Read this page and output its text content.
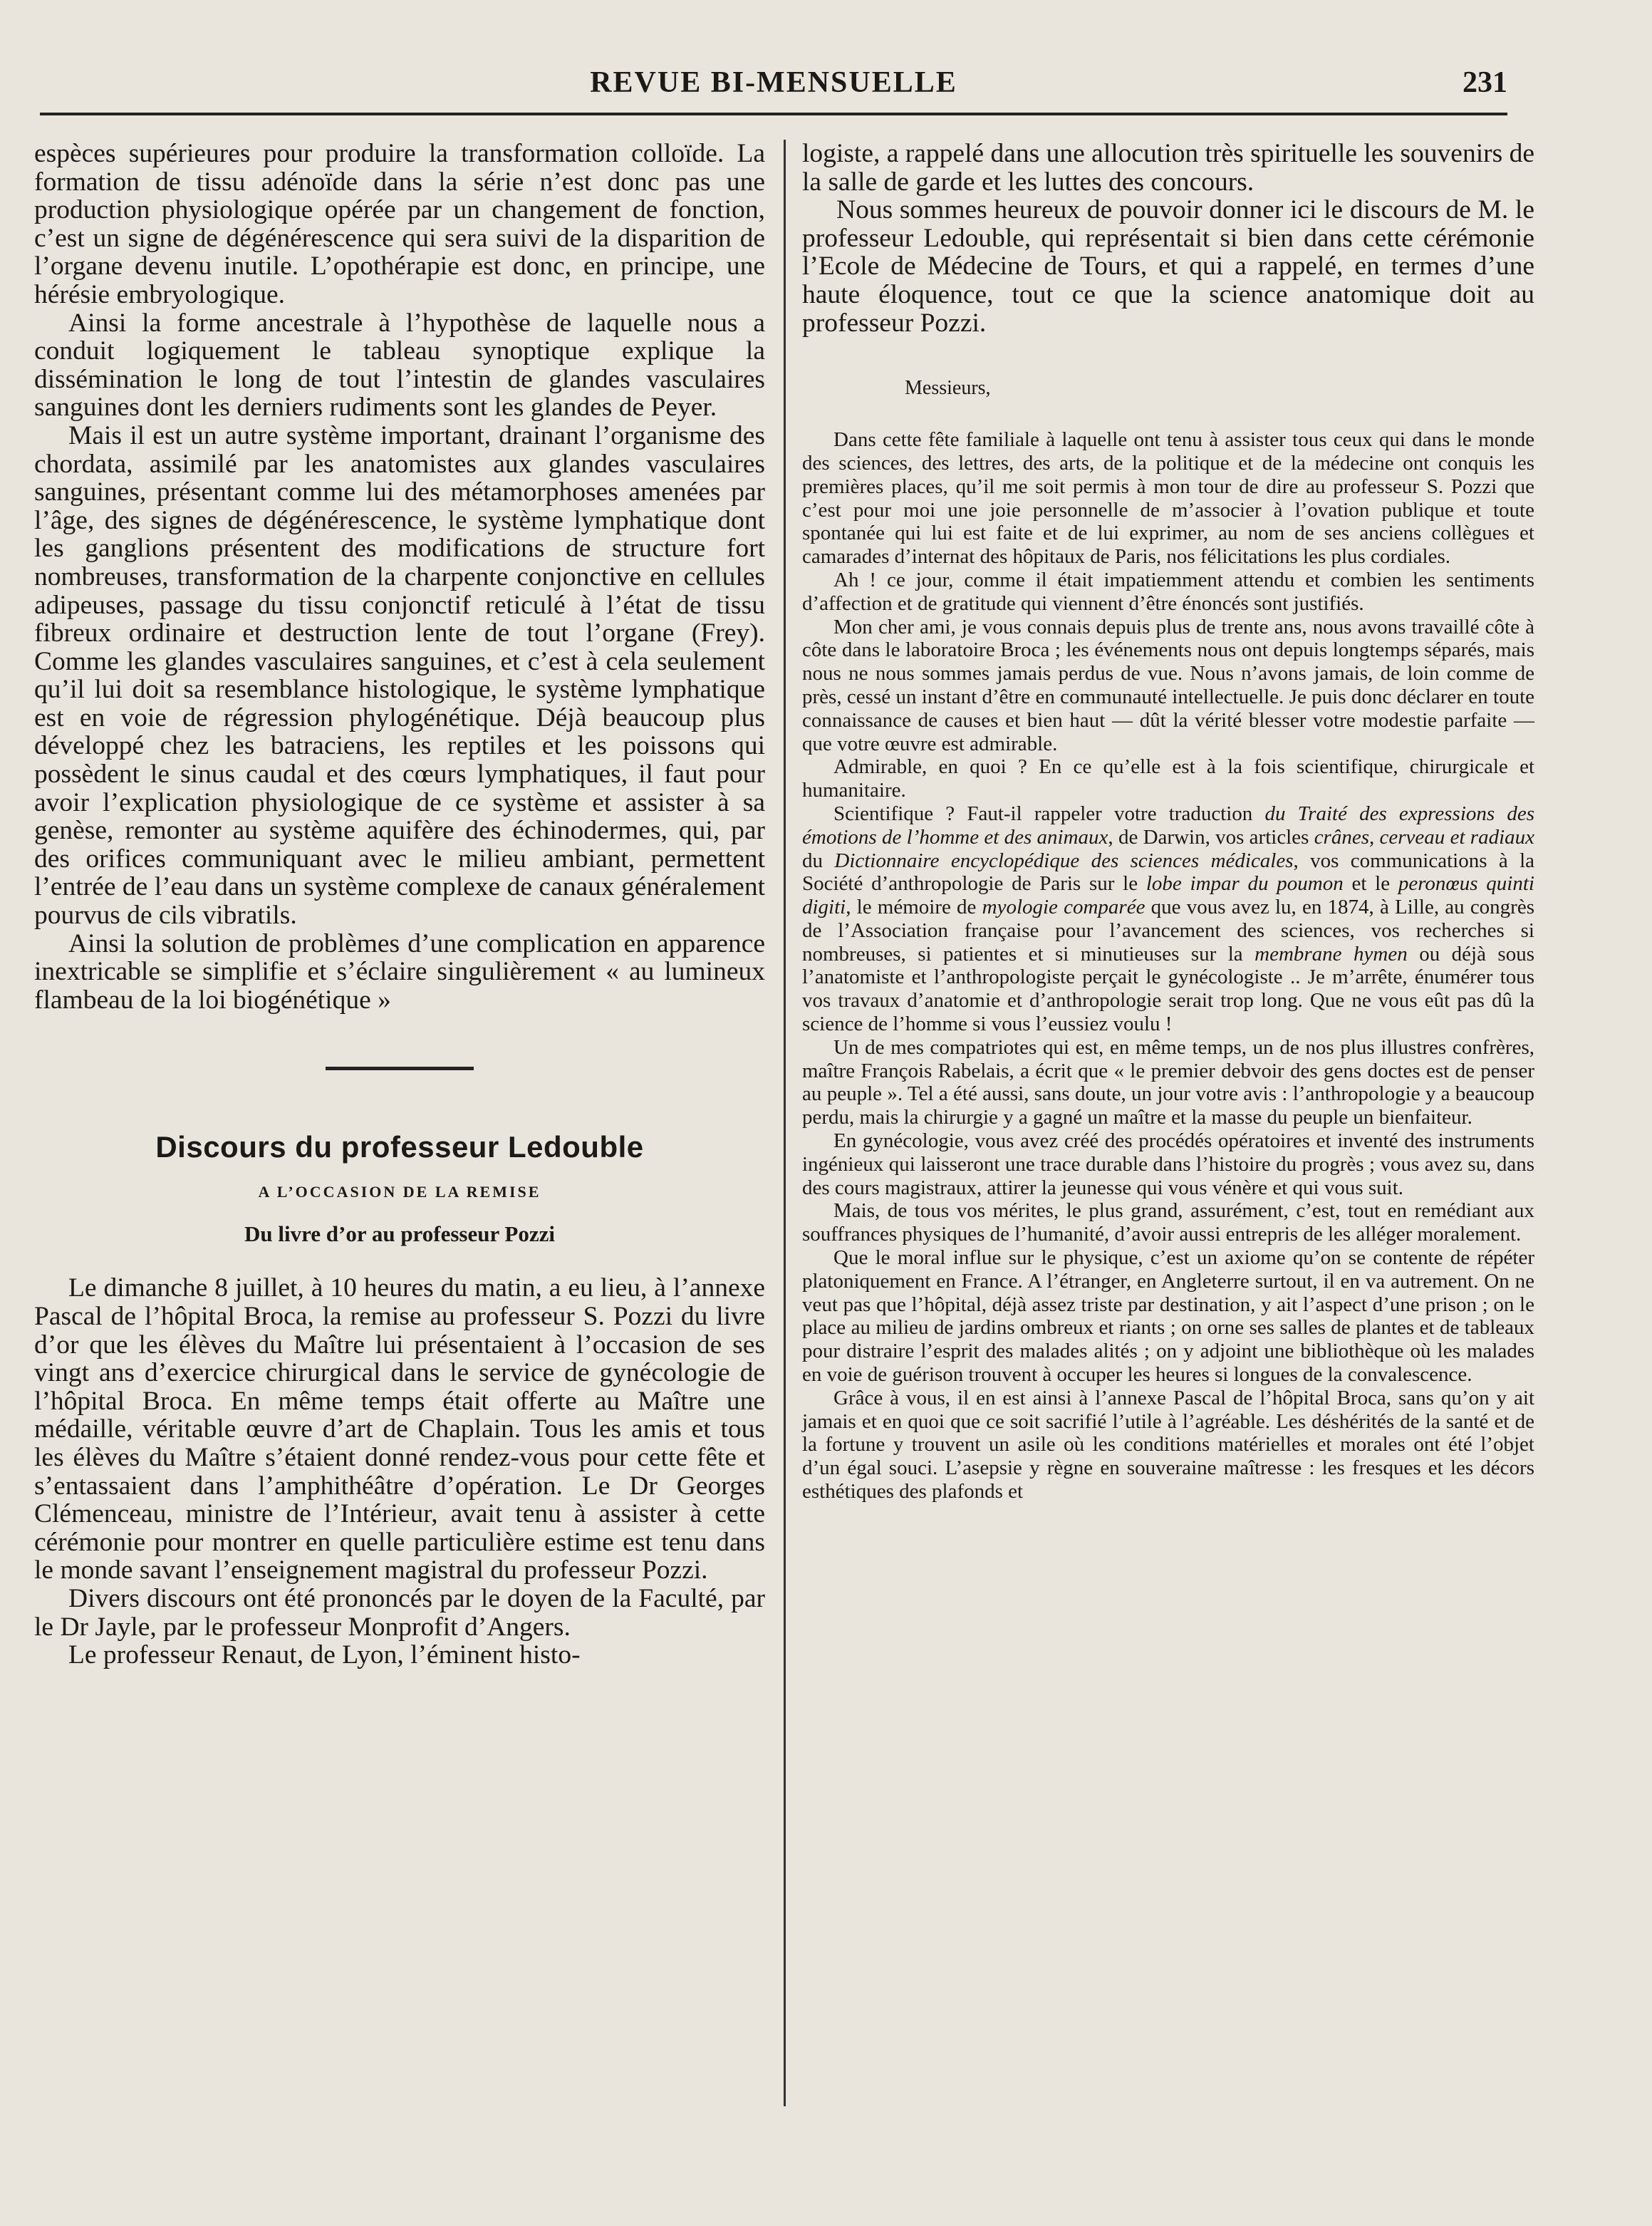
REVUE BI-MENSUELLE	231

espèces supérieures pour produire la transformation colloïde. La formation de tissu adénoïde dans la série n’est donc pas une production physiologique opérée par un changement de fonction, c’est un signe de dégénérescence qui sera suivi de la disparition de l’organe devenu inutile. L’opothérapie est donc, en principe, une hérésie embryologique.

Ainsi la forme ancestrale à l’hypothèse de laquelle nous a conduit logiquement le tableau synoptique explique la dissémination le long de tout l’intestin de glandes vasculaires sanguines dont les derniers rudiments sont les glandes de Peyer.

Mais il est un autre système important, drainant l’organisme des chordata, assimilé par les anatomistes aux glandes vasculaires sanguines, présentant comme lui des métamorphoses amenées par l’âge, des signes de dégénérescence, le système lymphatique dont les ganglions présentent des modifications de structure fort nombreuses, transformation de la charpente conjonctive en cellules adipeuses, passage du tissu conjonctif reticulé à l’état de tissu fibreux ordinaire et destruction lente de tout l’organe (Frey). Comme les glandes vasculaires sanguines, et c’est à cela seulement qu’il lui doit sa resemblance histologique, le système lymphatique est en voie de régression phylogénétique. Déjà beaucoup plus développé chez les batraciens, les reptiles et les poissons qui possèdent le sinus caudal et des cœurs lymphatiques, il faut pour avoir l’explication physiologique de ce système et assister à sa genèse, remonter au système aquifère des échinodermes, qui, par des orifices communiquant avec le milieu ambiant, permettent l’entrée de l’eau dans un système complexe de canaux généralement pourvus de cils vibratils.

Ainsi la solution de problèmes d’une complication en apparence inextricable se simplifie et s’éclaire singulièrement « au lumineux flambeau de la loi biogénétique »

Discours du professeur Ledouble
A L’OCCASION DE LA REMISE
Du livre d’or au professeur Pozzi

Le dimanche 8 juillet, à 10 heures du matin, a eu lieu, à l’annexe Pascal de l’hôpital Broca, la remise au professeur S. Pozzi du livre d’or que les élèves du Maître lui présentaient à l’occasion de ses vingt ans d’exercice chirurgical dans le service de gynécologie de l’hôpital Broca. En même temps était offerte au Maître une médaille, véritable œuvre d’art de Chaplain. Tous les amis et tous les élèves du Maître s’étaient donné rendez-vous pour cette fête et s’entassaient dans l’amphithéâtre d’opération. Le Dr Georges Clémenceau, ministre de l’Intérieur, avait tenu à assister à cette cérémonie pour montrer en quelle particulière estime est tenu dans le monde savant l’enseignement magistral du professeur Pozzi.

Divers discours ont été prononcés par le doyen de la Faculté, par le Dr Jayle, par le professeur Monprofit d’Angers.

Le professeur Renaut, de Lyon, l’éminent histo-

logiste, a rappelé dans une allocution très spirituelle les souvenirs de la salle de garde et les luttes des concours.

Nous sommes heureux de pouvoir donner ici le discours de M. le professeur Ledouble, qui représentait si bien dans cette cérémonie l’Ecole de Médecine de Tours, et qui a rappelé, en termes d’une haute éloquence, tout ce que la science anatomique doit au professeur Pozzi.

Messieurs,

Dans cette fête familiale à laquelle ont tenu à assister tous ceux qui dans le monde des sciences, des lettres, des arts, de la politique et de la médecine ont conquis les premières places, qu’il me soit permis à mon tour de dire au professeur S. Pozzi que c’est pour moi une joie personnelle de m’associer à l’ovation publique et toute spontanée qui lui est faite et de lui exprimer, au nom de ses anciens collègues et camarades d’internat des hôpitaux de Paris, nos félicitations les plus cordiales.

Ah ! ce jour, comme il était impatiemment attendu et combien les sentiments d’affection et de gratitude qui viennent d’être énoncés sont justifiés.

Mon cher ami, je vous connais depuis plus de trente ans, nous avons travaillé côte à côte dans le laboratoire Broca ; les événements nous ont depuis longtemps séparés, mais nous ne nous sommes jamais perdus de vue. Nous n’avons jamais, de loin comme de près, cessé un instant d’être en communauté intellectuelle. Je puis donc déclarer en toute connaissance de causes et bien haut — dût la vérité blesser votre modestie parfaite — que votre œuvre est admirable.

Admirable, en quoi ? En ce qu’elle est à la fois scientifique, chirurgicale et humanitaire.

Scientifique ? Faut-il rappeler votre traduction du Traité des expressions des émotions de l’homme et des animaux, de Darwin, vos articles crânes, cerveau et radiaux du Dictionnaire encyclopédique des sciences médicales, vos communications à la Société d’anthropologie de Paris sur le lobe impar du poumon et le peronœus quinti digiti, le mémoire de myologie comparée que vous avez lu, en 1874, à Lille, au congrès de l’Association française pour l’avancement des sciences, vos recherches si nombreuses, si patientes et si minutieuses sur la membrane hymen ou déjà sous l’anatomiste et l’anthropologiste perçait le gynécologiste .. Je m’arrête, énumérer tous vos travaux d’anatomie et d’anthropologie serait trop long. Que ne vous eût pas dû la science de l’homme si vous l’eussiez voulu !

Un de mes compatriotes qui est, en même temps, un de nos plus illustres confrères, maître François Rabelais, a écrit que « le premier debvoir des gens doctes est de penser au peuple ». Tel a été aussi, sans doute, un jour votre avis : l’anthropologie y a beaucoup perdu, mais la chirurgie y a gagné un maître et la masse du peuple un bienfaiteur.

En gynécologie, vous avez créé des procédés opératoires et inventé des instruments ingénieux qui laisseront une trace durable dans l’histoire du progrès ; vous avez su, dans des cours magistraux, attirer la jeunesse qui vous vénère et qui vous suit.

Mais, de tous vos mérites, le plus grand, assurément, c’est, tout en remédiant aux souffrances physiques de l’humanité, d’avoir aussi entrepris de les alléger moralement.

Que le moral influe sur le physique, c’est un axiome qu’on se contente de répéter platoniquement en France. A l’étranger, en Angleterre surtout, il en va autrement. On ne veut pas que l’hôpital, déjà assez triste par destination, y ait l’aspect d’une prison ; on le place au milieu de jardins ombreux et riants ; on orne ses salles de plantes et de tableaux pour distraire l’esprit des malades alités ; on y adjoint une bibliothèque où les malades en voie de guérison trouvent à occuper les heures si longues de la convalescence.

Grâce à vous, il en est ainsi à l’annexe Pascal de l’hôpital Broca, sans qu’on y ait jamais et en quoi que ce soit sacrifié l’utile à l’agréable. Les déshérités de la santé et de la fortune y trouvent un asile où les conditions matérielles et morales ont été l’objet d’un égal souci. L’asepsie y règne en souveraine maîtresse : les fresques et les décors esthétiques des plafonds et
